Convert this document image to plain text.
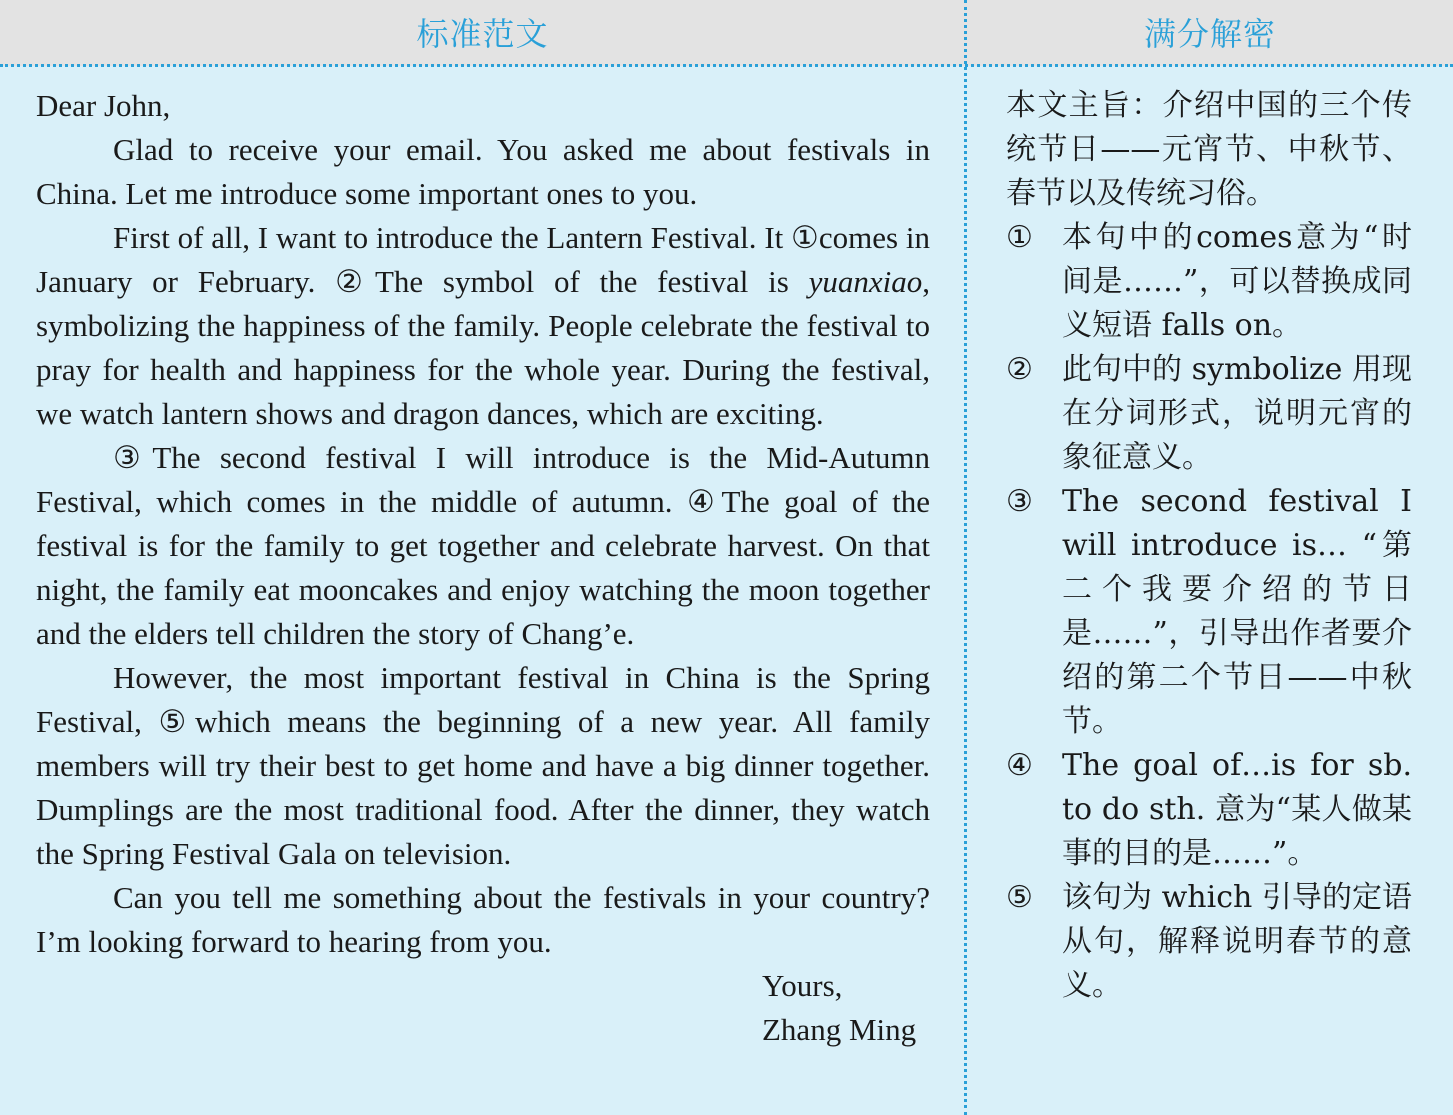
标准范文	满分解密

Dear John,

Glad to receive your email. You asked me about festivals in China. Let me introduce some important ones to you.

First of all, I want to introduce the Lantern Festival. It ①comes in January or February. ②The symbol of the festival is yuanxiao, symbolizing the happiness of the family. People celebrate the festival to pray for health and happiness for the whole year. During the festival, we watch lantern shows and dragon dances, which are exciting.

③The second festival I will introduce is the Mid-Autumn Festival, which comes in the middle of autumn. ④The goal of the festival is for the family to get together and celebrate harvest. On that night, the family eat mooncakes and enjoy watching the moon together and the elders tell children the story of Chang’e.

However, the most important festival in China is the Spring Festival, ⑤which means the beginning of a new year. All family members will try their best to get home and have a big dinner together. Dumplings are the most traditional food. After the dinner, they watch the Spring Festival Gala on television.

Can you tell me something about the festivals in your country? I’m looking forward to hearing from you.

Yours,

Zhang Ming

本文主旨：介绍中国的三个传统节日——元宵节、中秋节、春节以及传统习俗。

① 本句中的comes意为“时间是……”，可以替换成同义短语 falls on。
② 此句中的 symbolize 用现在分词形式，说明元宵的象征意义。
③ The second festival I will introduce is… “第二个我要介绍的节日是……”，引导出作者要介绍的第二个节日——中秋节。
④ The goal of…is for sb. to do sth. 意为“某人做某事的目的是……”。
⑤ 该句为 which 引导的定语从句，解释说明春节的意义。
